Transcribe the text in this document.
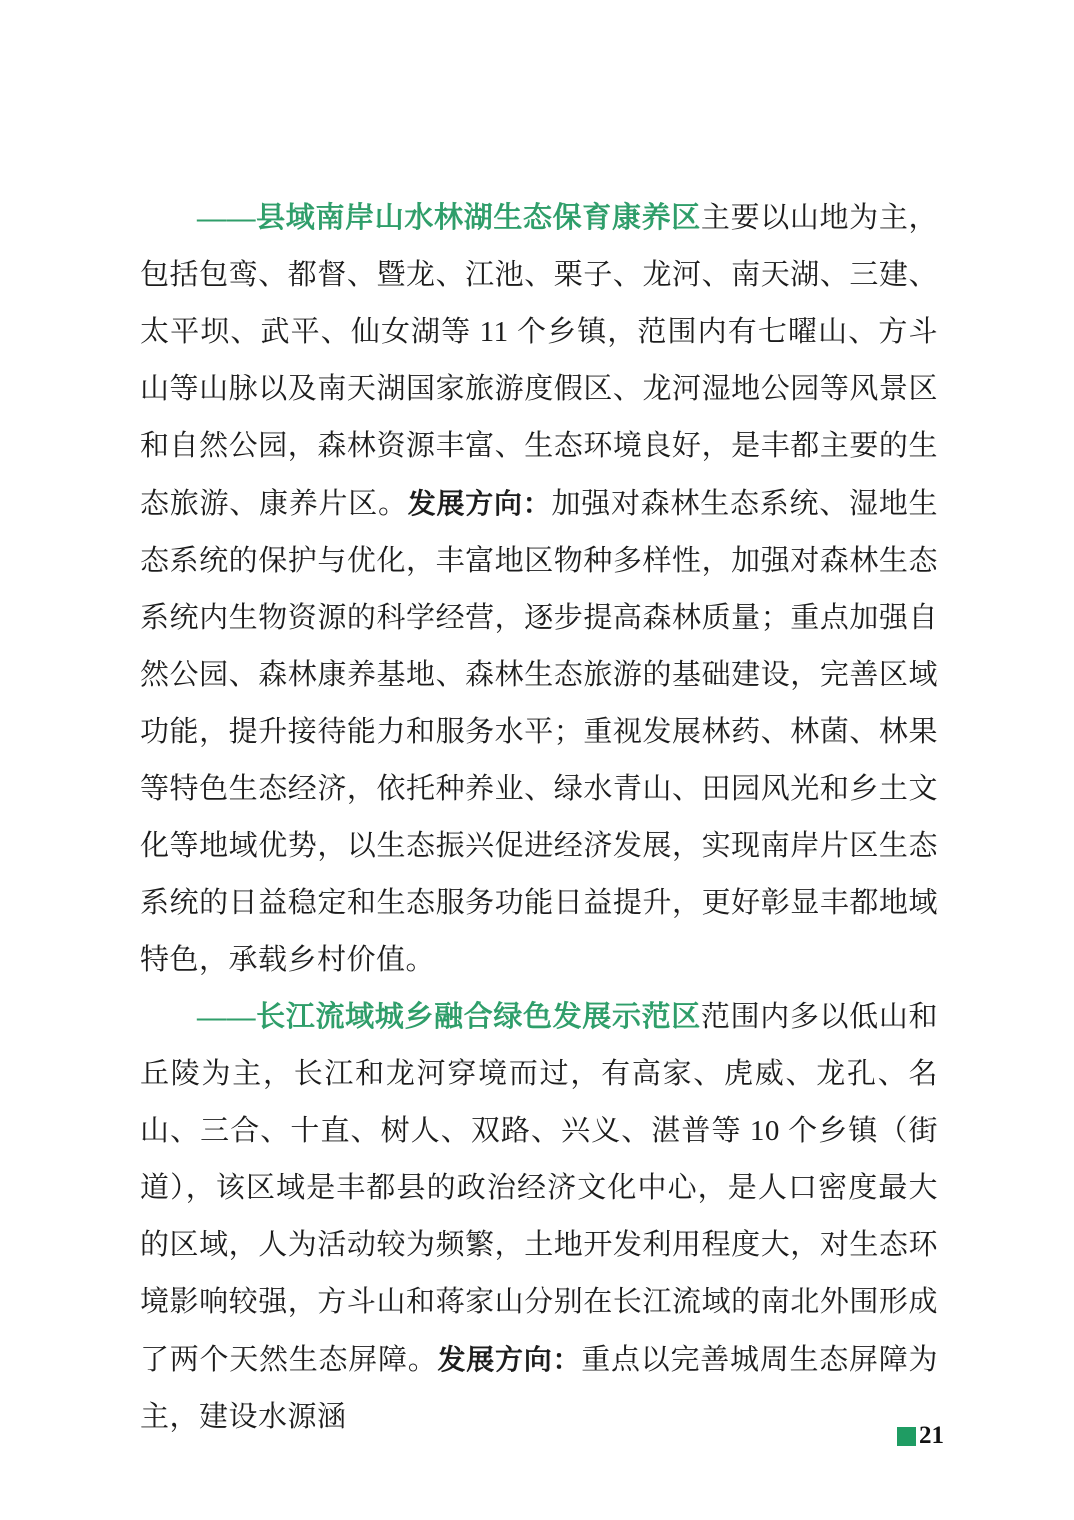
——县域南岸山水林湖生态保育康养区主要以山地为主，包括包鸾、都督、暨龙、江池、栗子、龙河、南天湖、三建、太平坝、武平、仙女湖等 11 个乡镇，范围内有七曜山、方斗山等山脉以及南天湖国家旅游度假区、龙河湿地公园等风景区和自然公园，森林资源丰富、生态环境良好，是丰都主要的生态旅游、康养片区。发展方向：加强对森林生态系统、湿地生态系统的保护与优化，丰富地区物种多样性，加强对森林生态系统内生物资源的科学经营，逐步提高森林质量；重点加强自然公园、森林康养基地、森林生态旅游的基础建设，完善区域功能，提升接待能力和服务水平；重视发展林药、林菌、林果等特色生态经济，依托种养业、绿水青山、田园风光和乡土文化等地域优势，以生态振兴促进经济发展，实现南岸片区生态系统的日益稳定和生态服务功能日益提升，更好彰显丰都地域特色，承载乡村价值。

——长江流域城乡融合绿色发展示范区范围内多以低山和丘陵为主，长江和龙河穿境而过，有高家、虎威、龙孔、名山、三合、十直、树人、双路、兴义、湛普等 10 个乡镇（街道），该区域是丰都县的政治经济文化中心，是人口密度最大的区域，人为活动较为频繁，土地开发利用程度大，对生态环境影响较强，方斗山和蒋家山分别在长江流域的南北外围形成了两个天然生态屏障。发展方向：重点以完善城周生态屏障为主，建设水源涵

21
